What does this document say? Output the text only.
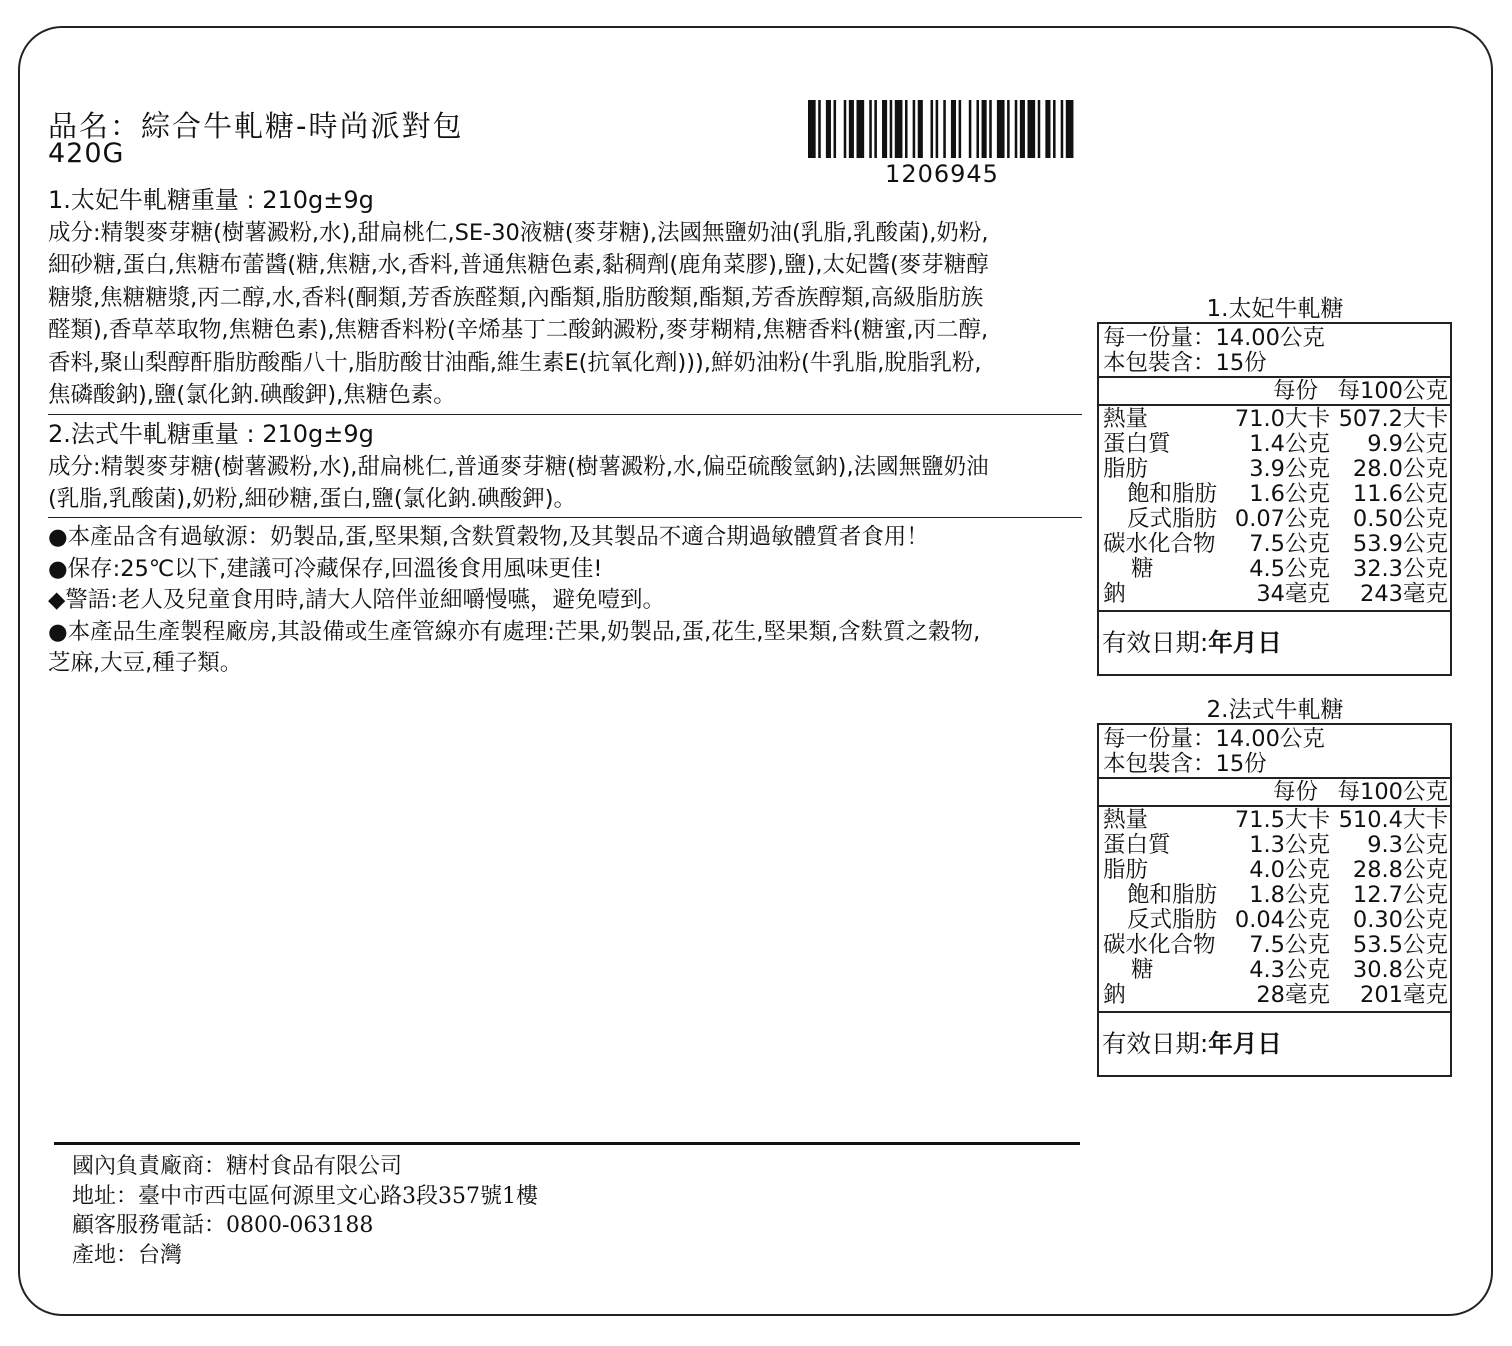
品名：綜合牛軋糖-時尚派對包
420G
1206945
1.太妃牛軋糖重量 : 210g±9g
成分:精製麥芽糖(樹薯澱粉,水),甜扁桃仁,SE-30液糖(麥芽糖),法國無鹽奶油(乳脂,乳酸菌),奶粉,
細砂糖,蛋白,焦糖布蕾醬(糖,焦糖,水,香料,普通焦糖色素,黏稠劑(鹿角菜膠),鹽),太妃醬(麥芽糖醇
糖漿,焦糖糖漿,丙二醇,水,香料(酮類,芳香族醛類,內酯類,脂肪酸類,酯類,芳香族醇類,高級脂肪族
醛類),香草萃取物,焦糖色素),焦糖香料粉(辛烯基丁二酸鈉澱粉,麥芽糊精,焦糖香料(糖蜜,丙二醇,
香料,聚山梨醇酐脂肪酸酯八十,脂肪酸甘油酯,維生素E(抗氧化劑))),鮮奶油粉(牛乳脂,脫脂乳粉,
焦磷酸鈉),鹽(氯化鈉.碘酸鉀),焦糖色素。
2.法式牛軋糖重量 : 210g±9g
成分:精製麥芽糖(樹薯澱粉,水),甜扁桃仁,普通麥芽糖(樹薯澱粉,水,偏亞硫酸氫鈉),法國無鹽奶油
(乳脂,乳酸菌),奶粉,細砂糖,蛋白,鹽(氯化鈉.碘酸鉀)。
●本產品含有過敏源：奶製品,蛋,堅果類,含麩質穀物,及其製品不適合期過敏體質者食用！
●保存:25℃以下,建議可冷藏保存,回溫後食用風味更佳!
◆警語:老人及兒童食用時,請大人陪伴並細嚼慢嚥，避免噎到。
●本產品生產製程廠房,其設備或生產管線亦有處理:芒果,奶製品,蛋,花生,堅果類,含麩質之穀物,
芝麻,大豆,種子類。
國內負責廠商：糖村食品有限公司
地址：臺中市西屯區何源里文心路3段357號1樓
顧客服務電話：0800-063188
產地：台灣
1.太妃牛軋糖
每一份量：14.00公克
本包裝含：15份
每份 每100公克
熱量	71.0大卡 507.2大卡
蛋白質	1.4公克	9.9公克
脂肪	3.9公克	28.0公克
飽和脂肪	1.6公克	11.6公克
反式脂肪 0.07公克	0.50公克
碳水化合物	7.5公克	53.9公克
糖	4.5公克	32.3公克
鈉	34毫克	243毫克
有效日期:年月日
2.法式牛軋糖
每一份量：14.00公克
本包裝含：15份
每份 每100公克
熱量	71.5大卡 510.4大卡
蛋白質	1.3公克	9.3公克
脂肪	4.0公克	28.8公克
飽和脂肪	1.8公克	12.7公克
反式脂肪 0.04公克	0.30公克
碳水化合物	7.5公克	53.5公克
糖	4.3公克	30.8公克
鈉	28毫克	201毫克
有效日期:年月日
